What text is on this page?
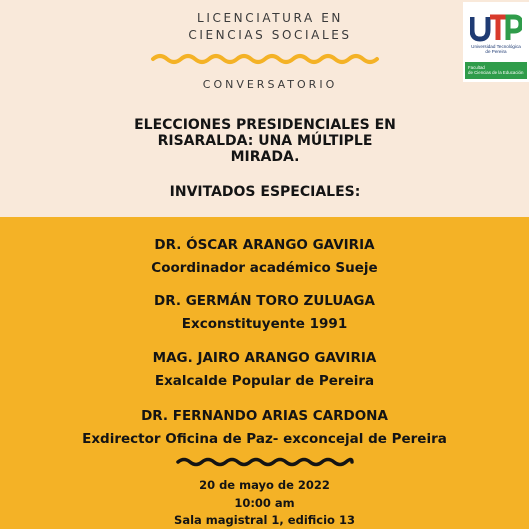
LICENCIATURA EN
CIENCIAS SOCIALES
CONVERSATORIO
Universidad Tecnológica
de Pereira
Facultad
de Ciencias de la Educación
ELECCIONES PRESIDENCIALES EN
RISARALDA: UNA MÚLTIPLE
MIRADA.
INVITADOS ESPECIALES:
DR. ÓSCAR ARANGO GAVIRIA
Coordinador académico Sueje
DR. GERMÁN TORO ZULUAGA
Exconstituyente 1991
MAG. JAIRO ARANGO GAVIRIA
Exalcalde Popular de Pereira
DR. FERNANDO ARIAS CARDONA
Exdirector Oficina de Paz- exconcejal de Pereira
20 de mayo de 2022
10:00 am
Sala magistral 1, edificio 13
